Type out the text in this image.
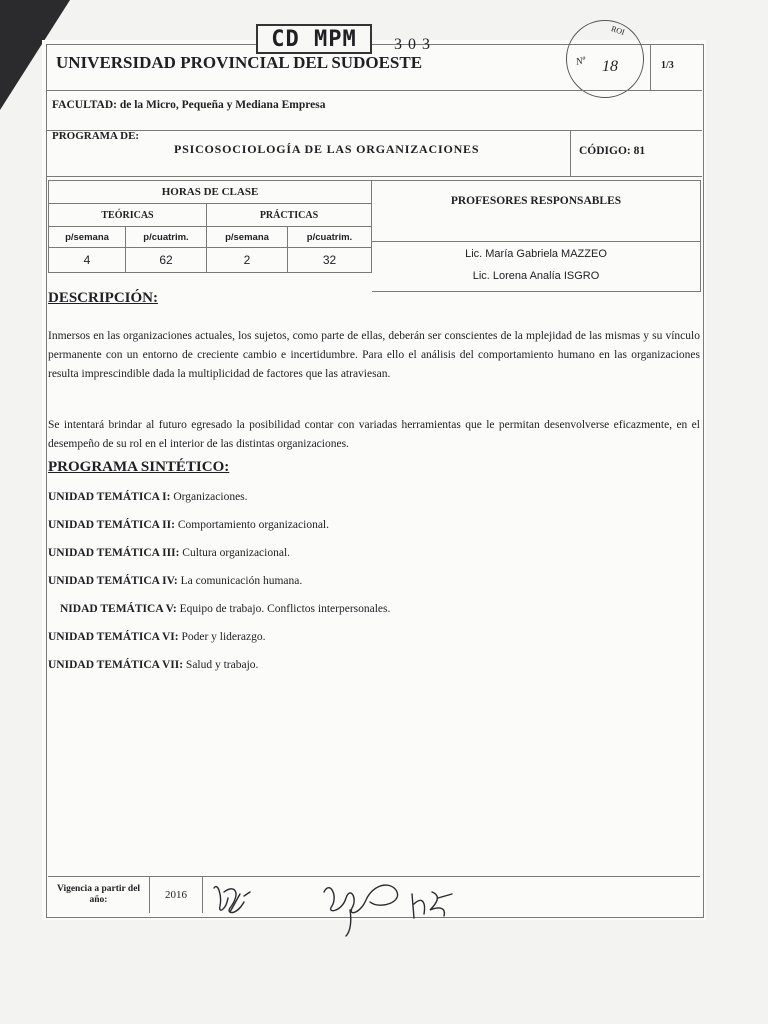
CD MPM	303
ROI
Nº 18
UNIVERSIDAD PROVINCIAL DEL SUDOESTE	1/3
FACULTAD: de la Micro, Pequeña y Mediana Empresa
PROGRAMA DE:
PSICOSOCIOLOGÍA DE LAS ORGANIZACIONES	CÓDIGO: 81
HORAS DE CLASE			
TEÓRICAS		PRÁCTICAS	
p/semana	p/cuatrim.	p/semana	p/cuatrim.
4	62	2	32
PROFESORES RESPONSABLES
Lic. María Gabriela MAZZEO
Lic. Lorena Analía ISGRO
DESCRIPCIÓN:
Inmersos en las organizaciones actuales, los sujetos, como parte de ellas, deberán ser conscientes de la mplejidad de las mismas y su vínculo permanente con un entorno de creciente cambio e incertidumbre. Para ello el análisis del comportamiento humano en las organizaciones resulta imprescindible dada la multiplicidad de factores que las atraviesan.
Se intentará brindar al futuro egresado la posibilidad contar con variadas herramientas que le permitan desenvolverse eficazmente, en el desempeño de su rol en el interior de las distintas organizaciones.
PROGRAMA SINTÉTICO:
UNIDAD TEMÁTICA I: Organizaciones.
UNIDAD TEMÁTICA II: Comportamiento organizacional.
UNIDAD TEMÁTICA III: Cultura organizacional.
UNIDAD TEMÁTICA IV: La comunicación humana.
NIDAD TEMÁTICA V: Equipo de trabajo. Conflictos interpersonales.
UNIDAD TEMÁTICA VI: Poder y liderazgo.
UNIDAD TEMÁTICA VII: Salud y trabajo.
Vigencia a partir del año:	2016
